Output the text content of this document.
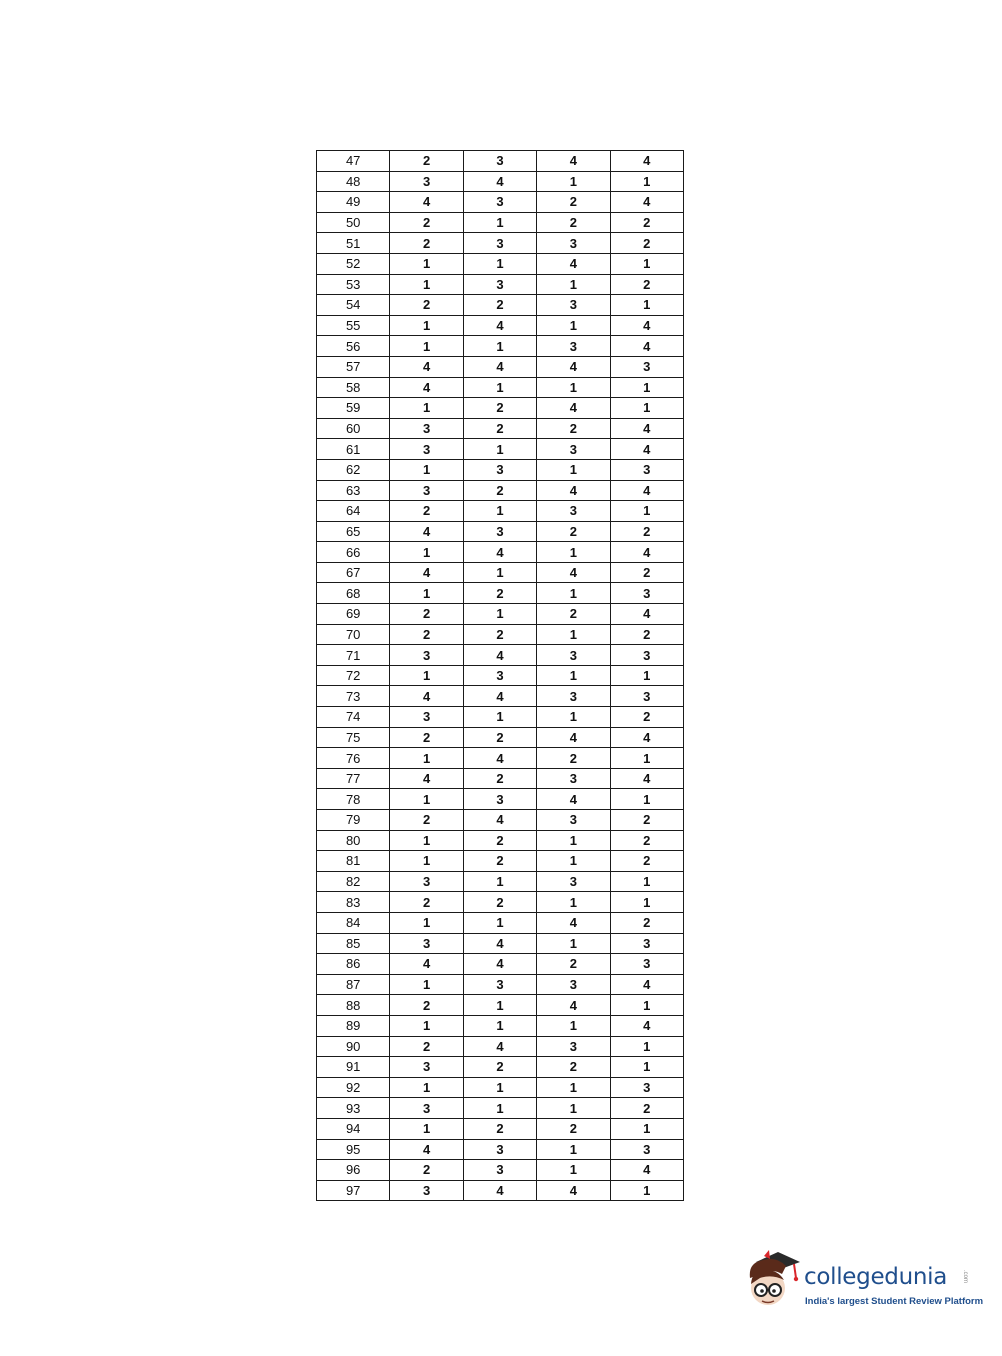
47	2	3	4	4
48	3	4	1	1
49	4	3	2	4
50	2	1	2	2
51	2	3	3	2
52	1	1	4	1
53	1	3	1	2
54	2	2	3	1
55	1	4	1	4
56	1	1	3	4
57	4	4	4	3
58	4	1	1	1
59	1	2	4	1
60	3	2	2	4
61	3	1	3	4
62	1	3	1	3
63	3	2	4	4
64	2	1	3	1
65	4	3	2	2
66	1	4	1	4
67	4	1	4	2
68	1	2	1	3
69	2	1	2	4
70	2	2	1	2
71	3	4	3	3
72	1	3	1	1
73	4	4	3	3
74	3	1	1	2
75	2	2	4	4
76	1	4	2	1
77	4	2	3	4
78	1	3	4	1
79	2	4	3	2
80	1	2	1	2
81	1	2	1	2
82	3	1	3	1
83	2	2	1	1
84	1	1	4	2
85	3	4	1	3
86	4	4	2	3
87	1	3	3	4
88	2	1	4	1
89	1	1	1	4
90	2	4	3	1
91	3	2	2	1
92	1	1	1	3
93	3	1	1	2
94	1	2	2	1
95	4	3	1	3
96	2	3	1	4
97	3	4	4	1
collegedunia .com
India's largest Student Review Platform
